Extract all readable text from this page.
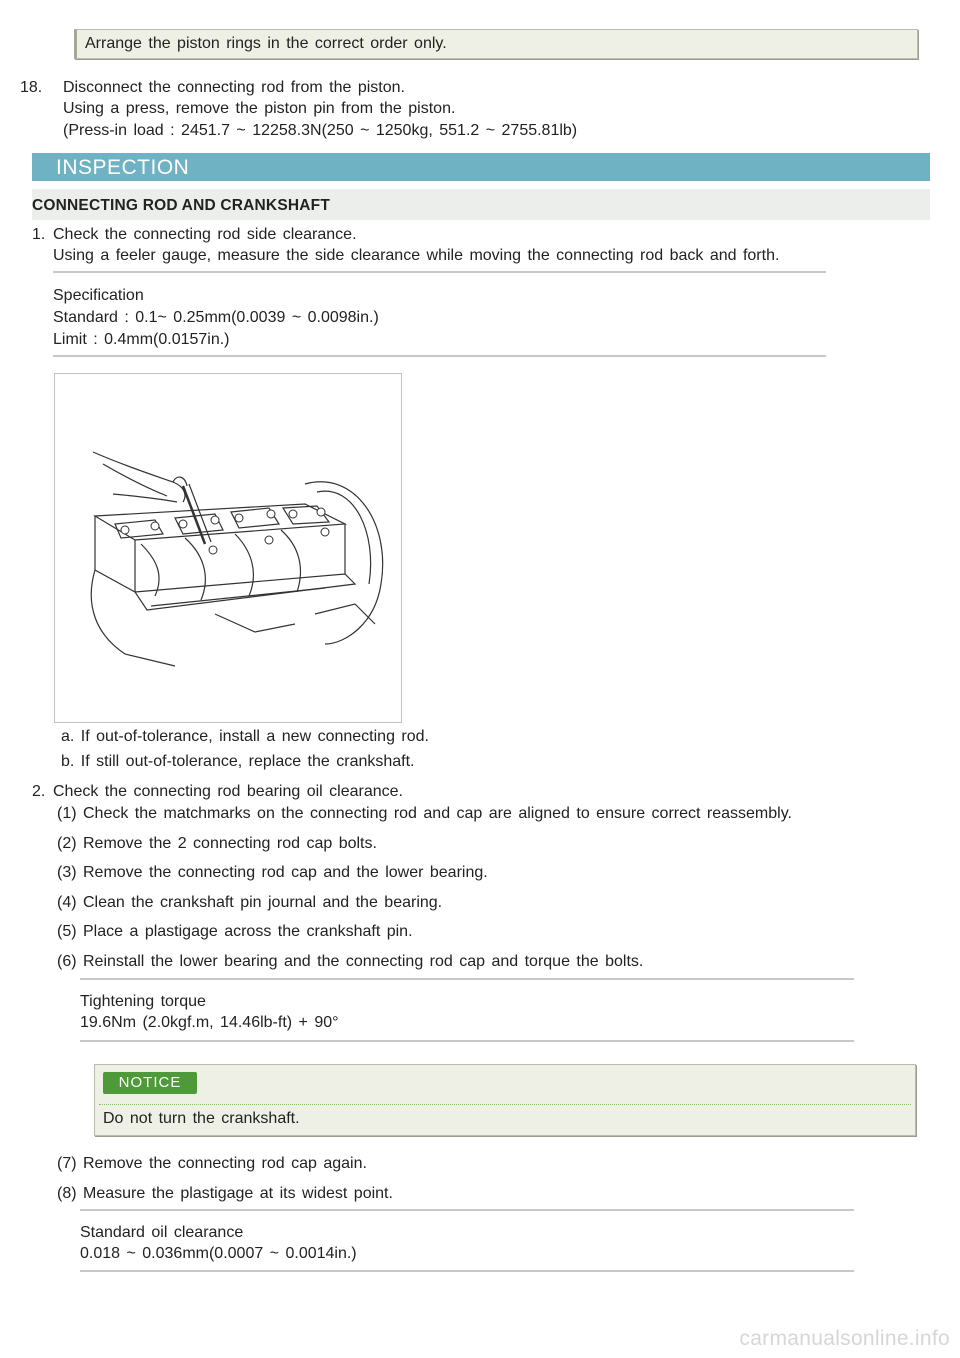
Arrange the piston rings in the correct order only.
18. Disconnect the connecting rod from the piston.
Using a press, remove the piston pin from the piston.
(Press-in load : 2451.7 ~ 12258.3N(250 ~ 1250kg, 551.2 ~ 2755.81lb)
INSPECTION
CONNECTING ROD AND CRANKSHAFT
1. Check the connecting rod side clearance.
Using a feeler gauge, measure the side clearance while moving the connecting rod back and forth.
Specification
Standard : 0.1~ 0.25mm(0.0039 ~ 0.0098in.)
Limit : 0.4mm(0.0157in.)
a. If out-of-tolerance, install a new connecting rod.
b. If still out-of-tolerance, replace the crankshaft.
2. Check the connecting rod bearing oil clearance.
(1) Check the matchmarks on the connecting rod and cap are aligned to ensure correct reassembly.
(2) Remove the 2 connecting rod cap bolts.
(3) Remove the connecting rod cap and the lower bearing.
(4) Clean the crankshaft pin journal and the bearing.
(5) Place a plastigage across the crankshaft pin.
(6) Reinstall the lower bearing and the connecting rod cap and torque the bolts.
Tightening torque
19.6Nm (2.0kgf.m, 14.46lb-ft) + 90°
NOTICE
Do not turn the crankshaft.
(7) Remove the connecting rod cap again.
(8) Measure the plastigage at its widest point.
Standard oil clearance
0.018 ~ 0.036mm(0.0007 ~ 0.0014in.)
carmanualsonline.info
